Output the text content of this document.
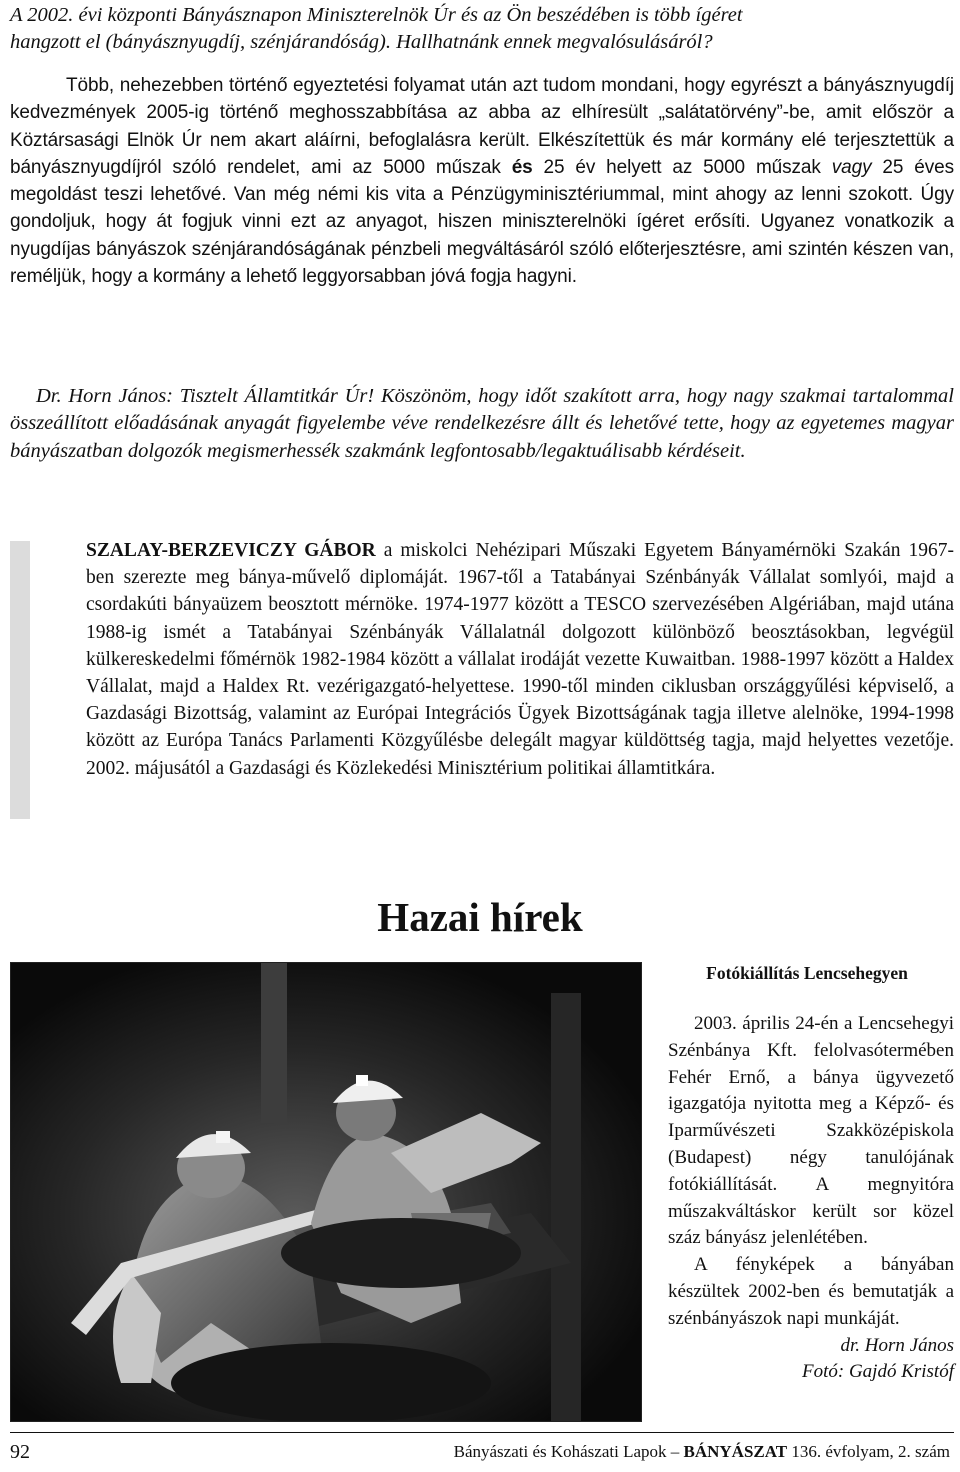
A 2002. évi központi Bányásznapon Miniszterelnök Úr és az Ön beszédében is több ígéret
hangzott el (bányásznyugdíj, szénjárandóság). Hallhatnánk ennek megvalósulásáról?

Több, nehezebben történő egyeztetési folyamat után azt tudom mondani, hogy egyrészt a bányásznyugdíj kedvezmények 2005-ig történő meghosszabbítása az abba az elhíresült „salátatörvény”-be, amit először a Köztársasági Elnök Úr nem akart aláírni, befoglalásra került. Elkészítettük és már kormány elé terjesztettük a bányásznyugdíjról szóló rendelet, ami az 5000 műszak és 25 év helyett az 5000 műszak vagy 25 éves megoldást teszi lehetővé. Van még némi kis vita a Pénzügyminisztériummal, mint ahogy az lenni szokott. Úgy gondoljuk, hogy át fogjuk vinni ezt az anyagot, hiszen miniszterelnöki ígéret erősíti. Ugyanez vonatkozik a nyugdíjas bányászok szénjárandóságának pénzbeli megváltásáról szóló előterjesztésre, ami szintén készen van, reméljük, hogy a kormány a lehető leggyorsabban jóvá fogja hagyni.

Dr. Horn János: Tisztelt Államtitkár Úr! Köszönöm, hogy időt szakított arra, hogy nagy szakmai tartalommal összeállított előadásának anyagát figyelembe véve rendelkezésre állt és lehetővé tette, hogy az egyetemes magyar bányászatban dolgozók megismerhessék szakmánk legfontosabb/legaktuálisabb kérdéseit.

SZALAY-BERZEVICZY GÁBOR a miskolci Nehézipari Műszaki Egyetem Bányamérnöki Szakán 1967-ben szerezte meg bánya-művelő diplomáját. 1967-től a Tatabányai Szénbányák Vállalat somlyói, majd a csordakúti bányaüzem beosztott mérnöke. 1974-1977 között a TESCO szervezésében Algériában, majd utána 1988-ig ismét a Tatabányai Szénbányák Vállalatnál dolgozott különböző beosztásokban, legvégül külkereskedelmi főmérnök 1982-1984 között a vállalat irodáját vezette Kuwaitban. 1988-1997 között a Haldex Vállalat, majd a Haldex Rt. vezérigazgató-helyettese. 1990-től minden ciklusban országgyűlési képviselő, a Gazdasági Bizottság, valamint az Európai Integrációs Ügyek Bizottságának tagja illetve alelnöke, 1994-1998 között az Európa Tanács Parlamenti Közgyűlésbe delegált magyar küldöttség tagja, majd helyettes vezetője. 2002. májusától a Gazdasági és Közlekedési Minisztérium politikai államtitkára.

Hazai hírek
Fotókiállítás Lencsehegyen

2003. április 24-én a Lencsehegyi Szénbánya Kft. felolvasótermében Fehér Ernő, a bánya ügyvezető igazgatója nyitotta meg a Képző- és Iparművészeti Szakközépiskola (Budapest) négy tanulójának fotókiállítását. A megnyitóra műszakváltáskor került sor közel száz bányász jelenlétében.

A fényképek a bányában készültek 2002-ben és bemutatják a szénbányászok napi munkáját.

dr. Horn János

Fotó: Gajdó Kristóf

92	Bányászati és Kohászati Lapok – BÁNYÁSZAT 136. évfolyam, 2. szám
